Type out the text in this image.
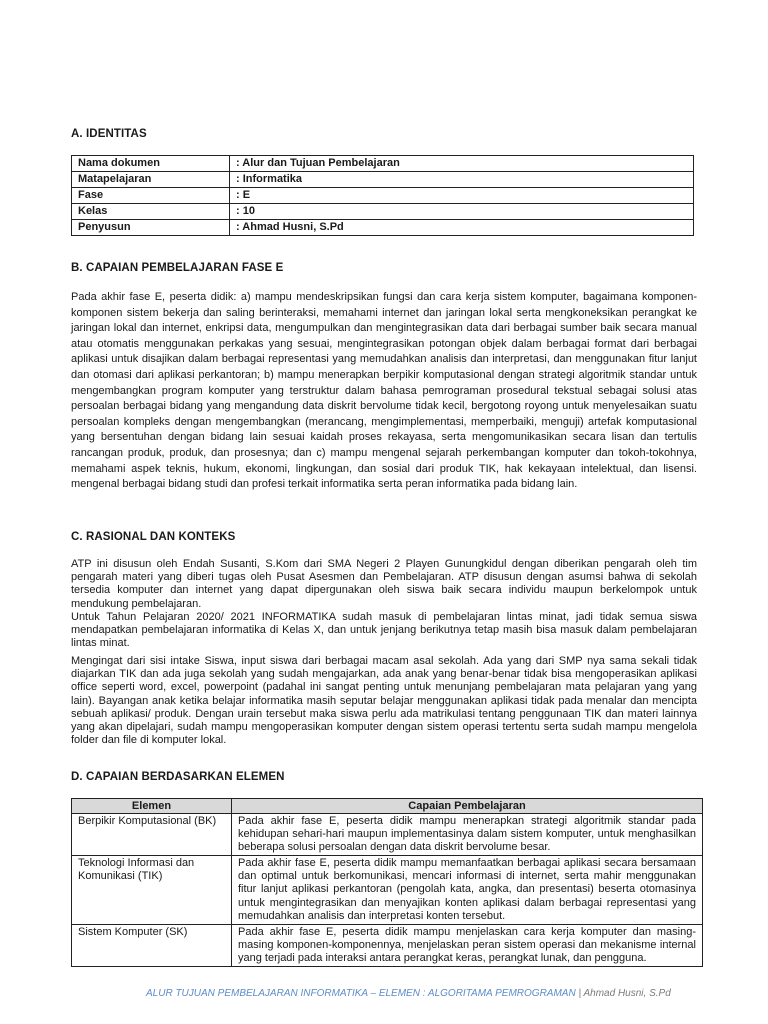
A. IDENTITAS
Nama dokumen	: Alur dan Tujuan Pembelajaran
Matapelajaran	: Informatika
Fase	: E
Kelas	: 10
Penyusun	: Ahmad Husni, S.Pd
B. CAPAIAN PEMBELAJARAN FASE E
Pada akhir fase E, peserta didik: a) mampu mendeskripsikan fungsi dan cara kerja sistem komputer, bagaimana komponen-komponen sistem bekerja dan saling berinteraksi, memahami internet dan jaringan lokal serta mengkoneksikan perangkat ke jaringan lokal dan internet, enkripsi data, mengumpulkan dan mengintegrasikan data dari berbagai sumber baik secara manual atau otomatis menggunakan perkakas yang sesuai, mengintegrasikan potongan objek dalam berbagai format dari berbagai aplikasi untuk disajikan dalam berbagai representasi yang memudahkan analisis dan interpretasi, dan menggunakan fitur lanjut dan otomasi dari aplikasi perkantoran; b) mampu menerapkan berpikir komputasional dengan strategi algoritmik standar untuk mengembangkan program komputer yang terstruktur dalam bahasa pemrograman prosedural tekstual sebagai solusi atas persoalan berbagai bidang yang mengandung data diskrit bervolume tidak kecil, bergotong royong untuk menyelesaikan suatu persoalan kompleks dengan mengembangkan (merancang, mengimplementasi, memperbaiki, menguji) artefak komputasional yang bersentuhan dengan bidang lain sesuai kaidah proses rekayasa, serta mengomunikasikan secara lisan dan tertulis rancangan produk, produk, dan prosesnya; dan c) mampu mengenal sejarah perkembangan komputer dan tokoh-tokohnya, memahami aspek teknis, hukum, ekonomi, lingkungan, dan sosial dari produk TIK, hak kekayaan intelektual, dan lisensi. mengenal berbagai bidang studi dan profesi terkait informatika serta peran informatika pada bidang lain.
C. RASIONAL DAN KONTEKS
ATP ini disusun oleh Endah Susanti, S.Kom dari SMA Negeri 2 Playen Gunungkidul dengan diberikan pengarah oleh tim pengarah materi yang diberi tugas oleh Pusat Asesmen dan Pembelajaran. ATP disusun dengan asumsi bahwa di sekolah tersedia komputer dan internet yang dapat dipergunakan oleh siswa baik secara individu maupun berkelompok untuk mendukung pembelajaran.
Untuk Tahun Pelajaran 2020/ 2021 INFORMATIKA sudah masuk di pembelajaran lintas minat, jadi tidak semua siswa mendapatkan pembelajaran informatika di Kelas X, dan untuk jenjang berikutnya tetap masih bisa masuk dalam pembelajaran lintas minat.
Mengingat dari sisi intake Siswa, input siswa dari berbagai macam asal sekolah. Ada yang dari SMP nya sama sekali tidak diajarkan TIK dan ada juga sekolah yang sudah mengajarkan, ada anak yang benar-benar tidak bisa mengoperasikan aplikasi office seperti word, excel, powerpoint (padahal ini sangat penting untuk menunjang pembelajaran mata pelajaran yang yang lain). Bayangan anak ketika belajar informatika masih seputar belajar menggunakan aplikasi tidak pada menalar dan mencipta sebuah aplikasi/ produk. Dengan urain tersebut maka siswa perlu ada matrikulasi tentang penggunaan TIK dan materi lainnya yang akan dipelajari, sudah mampu mengoperasikan komputer dengan sistem operasi tertentu serta sudah mampu mengelola folder dan file di komputer lokal.
D. CAPAIAN BERDASARKAN ELEMEN
Elemen	Capaian Pembelajaran
Berpikir Komputasional (BK)	Pada akhir fase E, peserta didik mampu menerapkan strategi algoritmik standar pada kehidupan sehari-hari maupun implementasinya dalam sistem komputer, untuk menghasilkan beberapa solusi persoalan dengan data diskrit bervolume besar.
Teknologi Informasi dan Komunikasi (TIK)	Pada akhir fase E, peserta didik mampu memanfaatkan berbagai aplikasi secara bersamaan dan optimal untuk berkomunikasi, mencari informasi di internet, serta mahir menggunakan fitur lanjut aplikasi perkantoran (pengolah kata, angka, dan presentasi) beserta otomasinya untuk mengintegrasikan dan menyajikan konten aplikasi dalam berbagai representasi yang memudahkan analisis dan interpretasi konten tersebut.
Sistem Komputer (SK)	Pada akhir fase E, peserta didik mampu menjelaskan cara kerja komputer dan masing-masing komponen-komponennya, menjelaskan peran sistem operasi dan mekanisme internal yang terjadi pada interaksi antara perangkat keras, perangkat lunak, dan pengguna.
ALUR TUJUAN PEMBELAJARAN INFORMATIKA – ELEMEN : ALGORITAMA PEMROGRAMAN | Ahmad Husni, S.Pd
